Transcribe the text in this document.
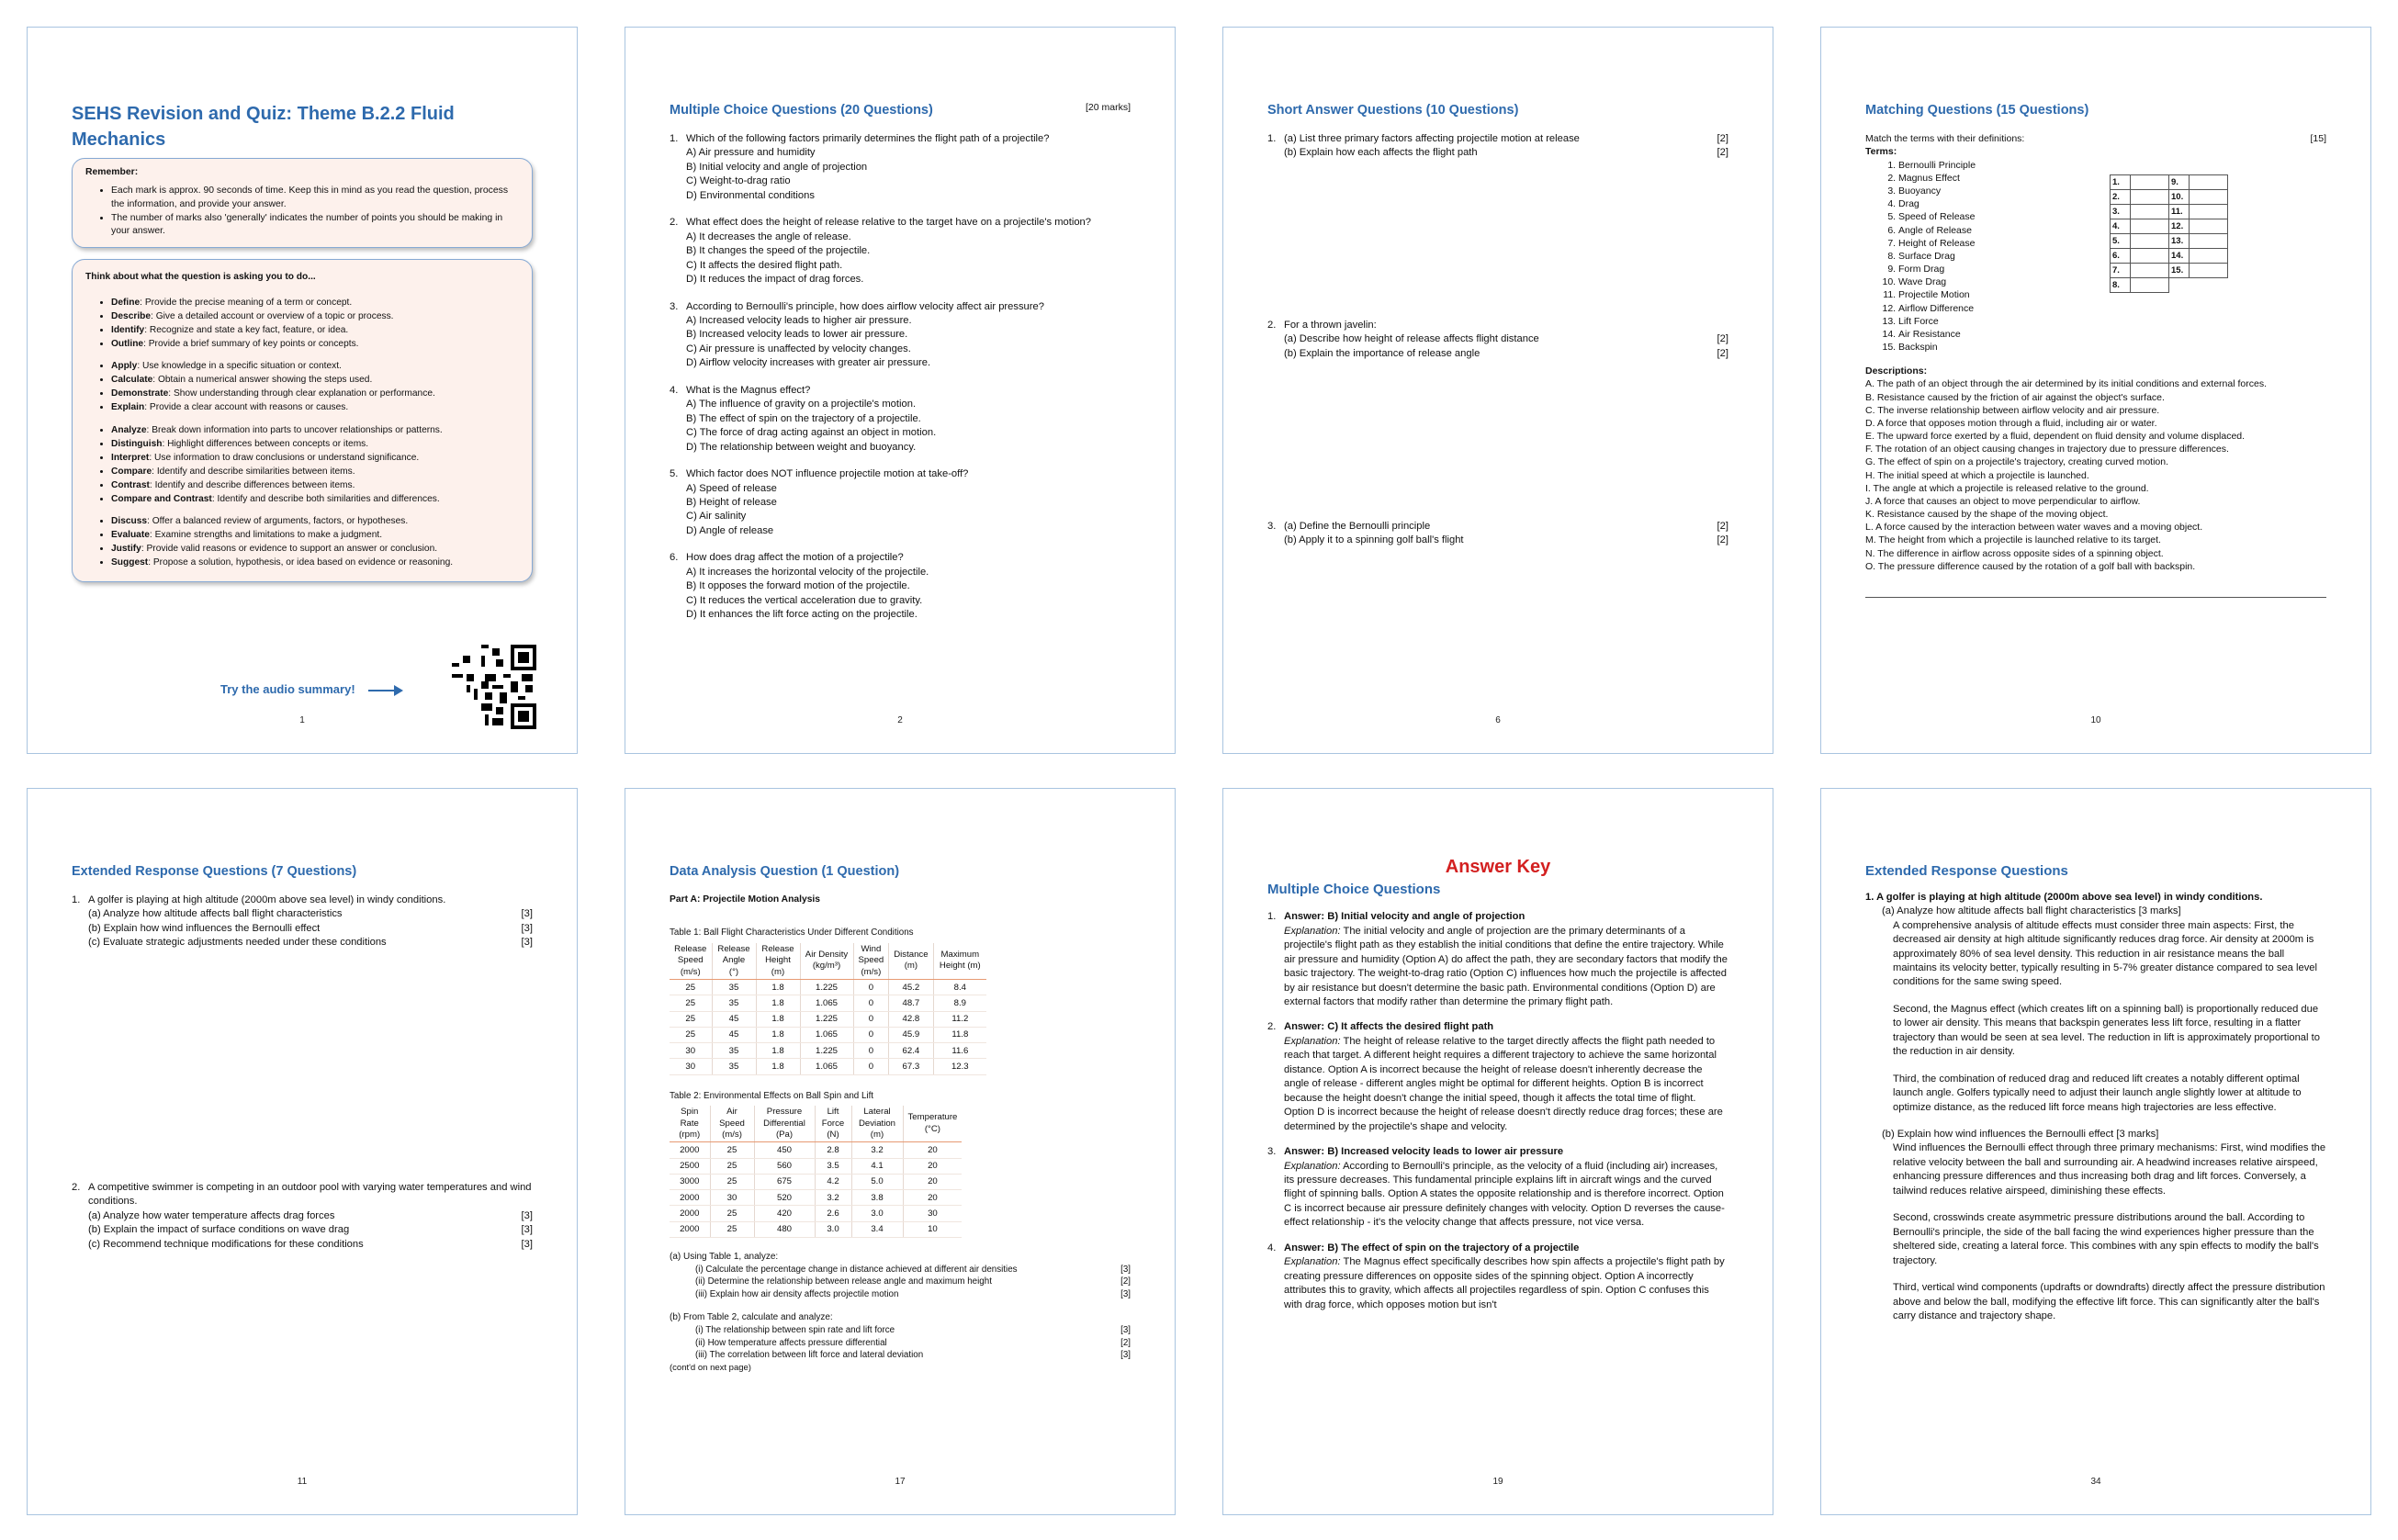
SEHS Revision and Quiz: Theme B.2.2 Fluid Mechanics
Remember:
• Each mark is approx. 90 seconds of time. Keep this in mind as you read the question, process the information, and provide your answer.
• The number of marks also 'generally' indicates the number of points you should be making in your answer.
Think about what the question is asking you to do...
• Define: Provide the precise meaning of a term or concept.
• Describe: Give a detailed account or overview of a topic or process.
• Identify: Recognize and state a key fact, feature, or idea.
• Outline: Provide a brief summary of key points or concepts.
• Apply: Use knowledge in a specific situation or context.
• Calculate: Obtain a numerical answer showing the steps used.
• Demonstrate: Show understanding through clear explanation or performance.
• Explain: Provide a clear account with reasons or causes.
• Analyze: Break down information into parts to uncover relationships or patterns.
• Distinguish: Highlight differences between concepts or items.
• Interpret: Use information to draw conclusions or understand significance.
• Compare: Identify and describe similarities between items.
• Contrast: Identify and describe differences between items.
• Compare and Contrast: Identify and describe both similarities and differences.
• Discuss: Offer a balanced review of arguments, factors, or hypotheses.
• Evaluate: Examine strengths and limitations to make a judgment.
• Justify: Provide valid reasons or evidence to support an answer or conclusion.
• Suggest: Propose a solution, hypothesis, or idea based on evidence or reasoning.
Try the audio summary!
1
Multiple Choice Questions (20 Questions)	[20 marks]
1. Which of the following factors primarily determines the flight path of a projectile?
A) Air pressure and humidity
B) Initial velocity and angle of projection
C) Weight-to-drag ratio
D) Environmental conditions
2. What effect does the height of release relative to the target have on a projectile's motion?
A) It decreases the angle of release.
B) It changes the speed of the projectile.
C) It affects the desired flight path.
D) It reduces the impact of drag forces.
3. According to Bernoulli's principle, how does airflow velocity affect air pressure?
A) Increased velocity leads to higher air pressure.
B) Increased velocity leads to lower air pressure.
C) Air pressure is unaffected by velocity changes.
D) Airflow velocity increases with greater air pressure.
4. What is the Magnus effect?
A) The influence of gravity on a projectile's motion.
B) The effect of spin on the trajectory of a projectile.
C) The force of drag acting against an object in motion.
D) The relationship between weight and buoyancy.
5. Which factor does NOT influence projectile motion at take-off?
A) Speed of release
B) Height of release
C) Air salinity
D) Angle of release
6. How does drag affect the motion of a projectile?
A) It increases the horizontal velocity of the projectile.
B) It opposes the forward motion of the projectile.
C) It reduces the vertical acceleration due to gravity.
D) It enhances the lift force acting on the projectile.
2
Short Answer Questions (10 Questions)
1. (a) List three primary factors affecting projectile motion at release	[2]
(b) Explain how each affects the flight path	[2]
2. For a thrown javelin:
(a) Describe how height of release affects flight distance	[2]
(b) Explain the importance of release angle	[2]
3. (a) Define the Bernoulli principle	[2]
(b) Apply it to a spinning golf ball's flight	[2]
6
Matching Questions (15 Questions)
Match the terms with their definitions:	[15]
Terms:
1. Bernoulli Principle
2. Magnus Effect
3. Buoyancy
4. Drag
5. Speed of Release
6. Angle of Release
7. Height of Release
8. Surface Drag
9. Form Drag
10. Wave Drag
11. Projectile Motion
12. Airflow Difference
13. Lift Force
14. Air Resistance
15. Backspin
1.		9.	
2.		10.	
3.		11.	
4.		12.	
5.		13.	
6.		14.	
7.		15.	
8.			
Descriptions:
A. The path of an object through the air determined by its initial conditions and external forces.
B. Resistance caused by the friction of air against the object's surface.
C. The inverse relationship between airflow velocity and air pressure.
D. A force that opposes motion through a fluid, including air or water.
E. The upward force exerted by a fluid, dependent on fluid density and volume displaced.
F. The rotation of an object causing changes in trajectory due to pressure differences.
G. The effect of spin on a projectile's trajectory, creating curved motion.
H. The initial speed at which a projectile is launched.
I. The angle at which a projectile is released relative to the ground.
J. A force that causes an object to move perpendicular to airflow.
K. Resistance caused by the shape of the moving object.
L. A force caused by the interaction between water waves and a moving object.
M. The height from which a projectile is launched relative to its target.
N. The difference in airflow across opposite sides of a spinning object.
O. The pressure difference caused by the rotation of a golf ball with backspin.
10
Extended Response Questions (7 Questions)
1. A golfer is playing at high altitude (2000m above sea level) in windy conditions.
(a) Analyze how altitude affects ball flight characteristics	[3]
(b) Explain how wind influences the Bernoulli effect	[3]
(c) Evaluate strategic adjustments needed under these conditions	[3]
2. A competitive swimmer is competing in an outdoor pool with varying water temperatures and wind conditions.
(a) Analyze how water temperature affects drag forces	[3]
(b) Explain the impact of surface conditions on wave drag	[3]
(c) Recommend technique modifications for these conditions	[3]
11
Data Analysis Question (1 Question)
Part A: Projectile Motion Analysis
Table 1: Ball Flight Characteristics Under Different Conditions
Release Speed (m/s)	Release Angle (°)	Release Height (m)	Air Density (kg/m³)	Wind Speed (m/s)	Distance (m)	Maximum Height (m)
25	35	1.8	1.225	0	45.2	8.4
25	35	1.8	1.065	0	48.7	8.9
25	45	1.8	1.225	0	42.8	11.2
25	45	1.8	1.065	0	45.9	11.8
30	35	1.8	1.225	0	62.4	11.6
30	35	1.8	1.065	0	67.3	12.3
Table 2: Environmental Effects on Ball Spin and Lift
Spin Rate (rpm)	Air Speed (m/s)	Pressure Differential (Pa)	Lift Force (N)	Lateral Deviation (m)	Temperature (°C)
2000	25	450	2.8	3.2	20
2500	25	560	3.5	4.1	20
3000	25	675	4.2	5.0	20
2000	30	520	3.2	3.8	20
2000	25	420	2.6	3.0	30
2000	25	480	3.0	3.4	10
(a) Using Table 1, analyze:
(i) Calculate the percentage change in distance achieved at different air densities	[3]
(ii) Determine the relationship between release angle and maximum height	[2]
(iii) Explain how air density affects projectile motion	[3]
(b) From Table 2, calculate and analyze:
(i) The relationship between spin rate and lift force	[3]
(ii) How temperature affects pressure differential	[2]
(iii) The correlation between lift force and lateral deviation	[3]
(cont'd on next page)
17
Answer Key
Multiple Choice Questions
1. Answer: B) Initial velocity and angle of projection
Explanation: The initial velocity and angle of projection are the primary determinants of a projectile's flight path as they establish the initial conditions that define the entire trajectory. While air pressure and humidity (Option A) do affect the path, they are secondary factors that modify the basic trajectory. The weight-to-drag ratio (Option C) influences how much the projectile is affected by air resistance but doesn't determine the basic path. Environmental conditions (Option D) are external factors that modify rather than determine the primary flight path.
2. Answer: C) It affects the desired flight path
Explanation: The height of release relative to the target directly affects the flight path needed to reach that target. A different height requires a different trajectory to achieve the same horizontal distance. Option A is incorrect because the height of release doesn't inherently decrease the angle of release - different angles might be optimal for different heights. Option B is incorrect because the height doesn't change the initial speed, though it affects the total time of flight. Option D is incorrect because the height of release doesn't directly reduce drag forces; these are determined by the projectile's shape and velocity.
3. Answer: B) Increased velocity leads to lower air pressure
Explanation: According to Bernoulli's principle, as the velocity of a fluid (including air) increases, its pressure decreases. This fundamental principle explains lift in aircraft wings and the curved flight of spinning balls. Option A states the opposite relationship and is therefore incorrect. Option C is incorrect because air pressure definitely changes with velocity. Option D reverses the cause-effect relationship - it's the velocity change that affects pressure, not vice versa.
4. Answer: B) The effect of spin on the trajectory of a projectile
Explanation: The Magnus effect specifically describes how spin affects a projectile's flight path by creating pressure differences on opposite sides of the spinning object. Option A incorrectly attributes this to gravity, which affects all projectiles regardless of spin. Option C confuses this with drag force, which opposes motion but isn't
19
Extended Response Questions
1. A golfer is playing at high altitude (2000m above sea level) in windy conditions.
(a) Analyze how altitude affects ball flight characteristics [3 marks]

A comprehensive analysis of altitude effects must consider three main aspects: First, the decreased air density at high altitude significantly reduces drag force. Air density at 2000m is approximately 80% of sea level density. This reduction in air resistance means the ball maintains its velocity better, typically resulting in 5-7% greater distance compared to sea level conditions for the same swing speed.

Second, the Magnus effect (which creates lift on a spinning ball) is proportionally reduced due to lower air density. This means that backspin generates less lift force, resulting in a flatter trajectory than would be seen at sea level. The reduction in lift is approximately proportional to the reduction in air density.

Third, the combination of reduced drag and reduced lift creates a notably different optimal launch angle. Golfers typically need to adjust their launch angle slightly lower at altitude to optimize distance, as the reduced lift force means high trajectories are less effective.

(b) Explain how wind influences the Bernoulli effect [3 marks]

Wind influences the Bernoulli effect through three primary mechanisms: First, wind modifies the relative velocity between the ball and surrounding air. A headwind increases relative airspeed, enhancing pressure differences and thus increasing both drag and lift forces. Conversely, a tailwind reduces relative airspeed, diminishing these effects.

Second, crosswinds create asymmetric pressure distributions around the ball. According to Bernoulli's principle, the side of the ball facing the wind experiences higher pressure than the sheltered side, creating a lateral force. This combines with any spin effects to modify the ball's trajectory.

Third, vertical wind components (updrafts or downdrafts) directly affect the pressure distribution above and below the ball, modifying the effective lift force. This can significantly alter the ball's carry distance and trajectory shape.

34
